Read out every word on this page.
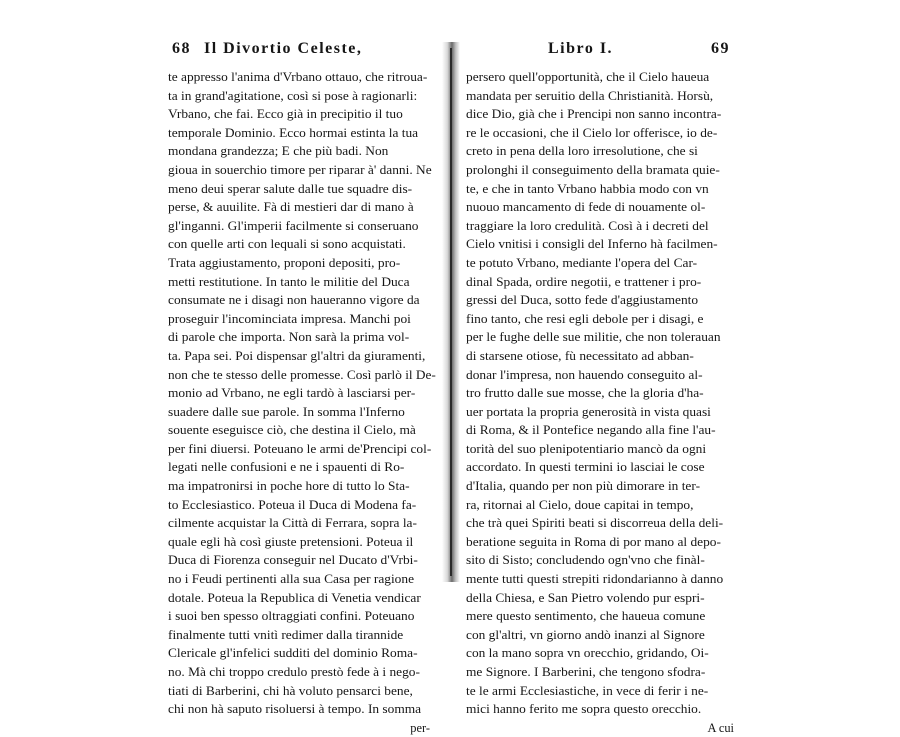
68 Il Divortio Celeste,
te appresso l'anima d'Vrbano ottauo, che ritroua-
ta in grand'agitatione, così si pose à ragionarli:
Vrbano, che fai. Ecco già in precipitio il tuo
temporale Dominio. Ecco hormai estinta la tua
mondana grandezza; E che più badi. Non
gioua in souerchio timore per riparar à' danni. Ne
meno deui sperar salute dalle tue squadre dis-
perse, & auuilite. Fà di mestieri dar di mano à
gl'inganni. Gl'imperii facilmente si conseruano
con quelle arti con lequali si sono acquistati.
Trata aggiustamento, proponi depositi, pro-
metti restitutione. In tanto le militie del Duca
consumate ne i disagi non haueranno vigore da
proseguir l'incominciata impresa. Manchi poi
di parole che importa. Non sarà la prima vol-
ta. Papa sei. Poi dispensar gl'altri da giuramenti,
non che te stesso delle promesse. Così parlò il De-
monio ad Vrbano, ne egli tardò à lasciarsi per-
suadere dalle sue parole. In somma l'Inferno
souente eseguisce ciò, che destina il Cielo, mà
per fini diuersi. Poteuano le armi de'Prencipi col-
legati nelle confusioni e ne i spauenti di Ro-
ma impatronirsi in poche hore di tutto lo Sta-
to Ecclesiastico. Poteua il Duca di Modena fa-
cilmente acquistar la Città di Ferrara, sopra la-
quale egli hà così giuste pretensioni. Poteua il
Duca di Fiorenza conseguir nel Ducato d'Vrbi-
no i Feudi pertinenti alla sua Casa per ragione
dotale. Poteua la Republica di Venetia vendicar
i suoi ben spesso oltraggiati confini. Poteuano
finalmente tutti vnitì redimer dalla tirannide
Clericale gl'infelici sudditi del dominio Roma-
no. Mà chi troppo credulo prestò fede à i nego-
tiati di Barberini, chi hà voluto pensarci bene,
chi non hà saputo risoluersi à tempo. In somma
per-
Libro I.	69
persero quell'opportunità, che il Cielo haueua
mandata per seruitio della Christianità. Horsù,
dice Dio, già che i Prencipi non sanno incontra-
re le occasioni, che il Cielo lor offerisce, io de-
creto in pena della loro irresolutione, che si
prolonghi il conseguimento della bramata quie-
te, e che in tanto Vrbano habbia modo con vn
nuouo mancamento di fede di nouamente ol-
traggiare la loro credulità. Così à i decreti del
Cielo vnitisi i consigli del Inferno hà facilmen-
te potuto Vrbano, mediante l'opera del Car-
dinal Spada, ordire negotii, e trattener i pro-
gressi del Duca, sotto fede d'aggiustamento
fino tanto, che resi egli debole per i disagi, e
per le fughe delle sue militie, che non tolerauan
di starsene otiose, fù necessitato ad abban-
donar l'impresa, non hauendo conseguito al-
tro frutto dalle sue mosse, che la gloria d'ha-
uer portata la propria generosità in vista quasi
di Roma, & il Pontefice negando alla fine l'au-
torità del suo plenipotentiario mancò da ogni
accordato. In questi termini io lasciai le cose
d'Italia, quando per non più dimorare in ter-
ra, ritornai al Cielo, doue capitai in tempo,
che trà quei Spiriti beati si discorreua della deli-
beratione seguita in Roma di por mano al depo-
sito di Sisto; concludendo ogn'vno che finàl-
mente tutti questi strepiti ridondarianno à danno
della Chiesa, e San Pietro volendo pur espri-
mere questo sentimento, che haueua comune
con gl'altri, vn giorno andò inanzi al Signore
con la mano sopra vn orecchio, gridando, Oi-
me Signore. I Barberini, che tengono sfodra-
te le armi Ecclesiastiche, in vece di ferir i ne-
mici hanno ferito me sopra questo orecchio.
A cui
